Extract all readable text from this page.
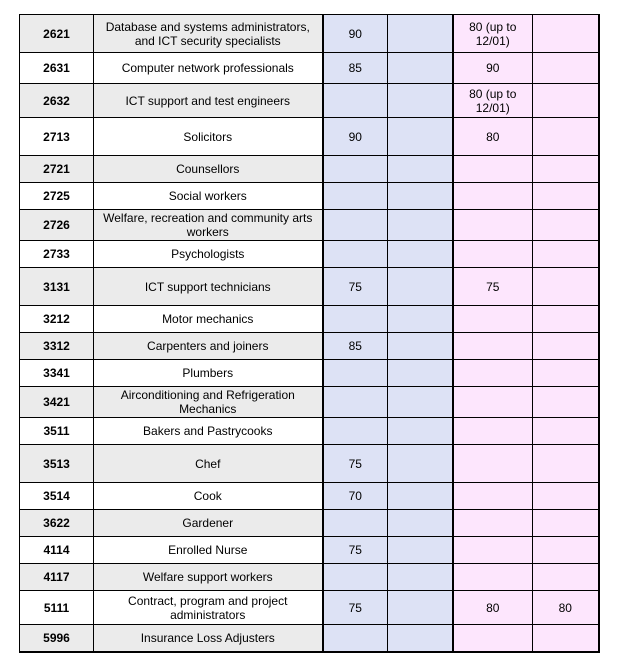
2621	Database and systems administrators, and ICT security specialists	90		80 (up to 12/01)	
2631	Computer network professionals	85		90	
2632	ICT support and test engineers			80 (up to 12/01)	
2713	Solicitors	90		80	
2721	Counsellors				
2725	Social workers				
2726	Welfare, recreation and community arts workers				
2733	Psychologists				
3131	ICT support technicians	75		75	
3212	Motor mechanics				
3312	Carpenters and joiners	85			
3341	Plumbers				
3421	Airconditioning and Refrigeration Mechanics				
3511	Bakers and Pastrycooks				
3513	Chef	75			
3514	Cook	70			
3622	Gardener				
4114	Enrolled Nurse	75			
4117	Welfare support workers				
5111	Contract, program and project administrators	75		80	80
5996	Insurance Loss Adjusters				
